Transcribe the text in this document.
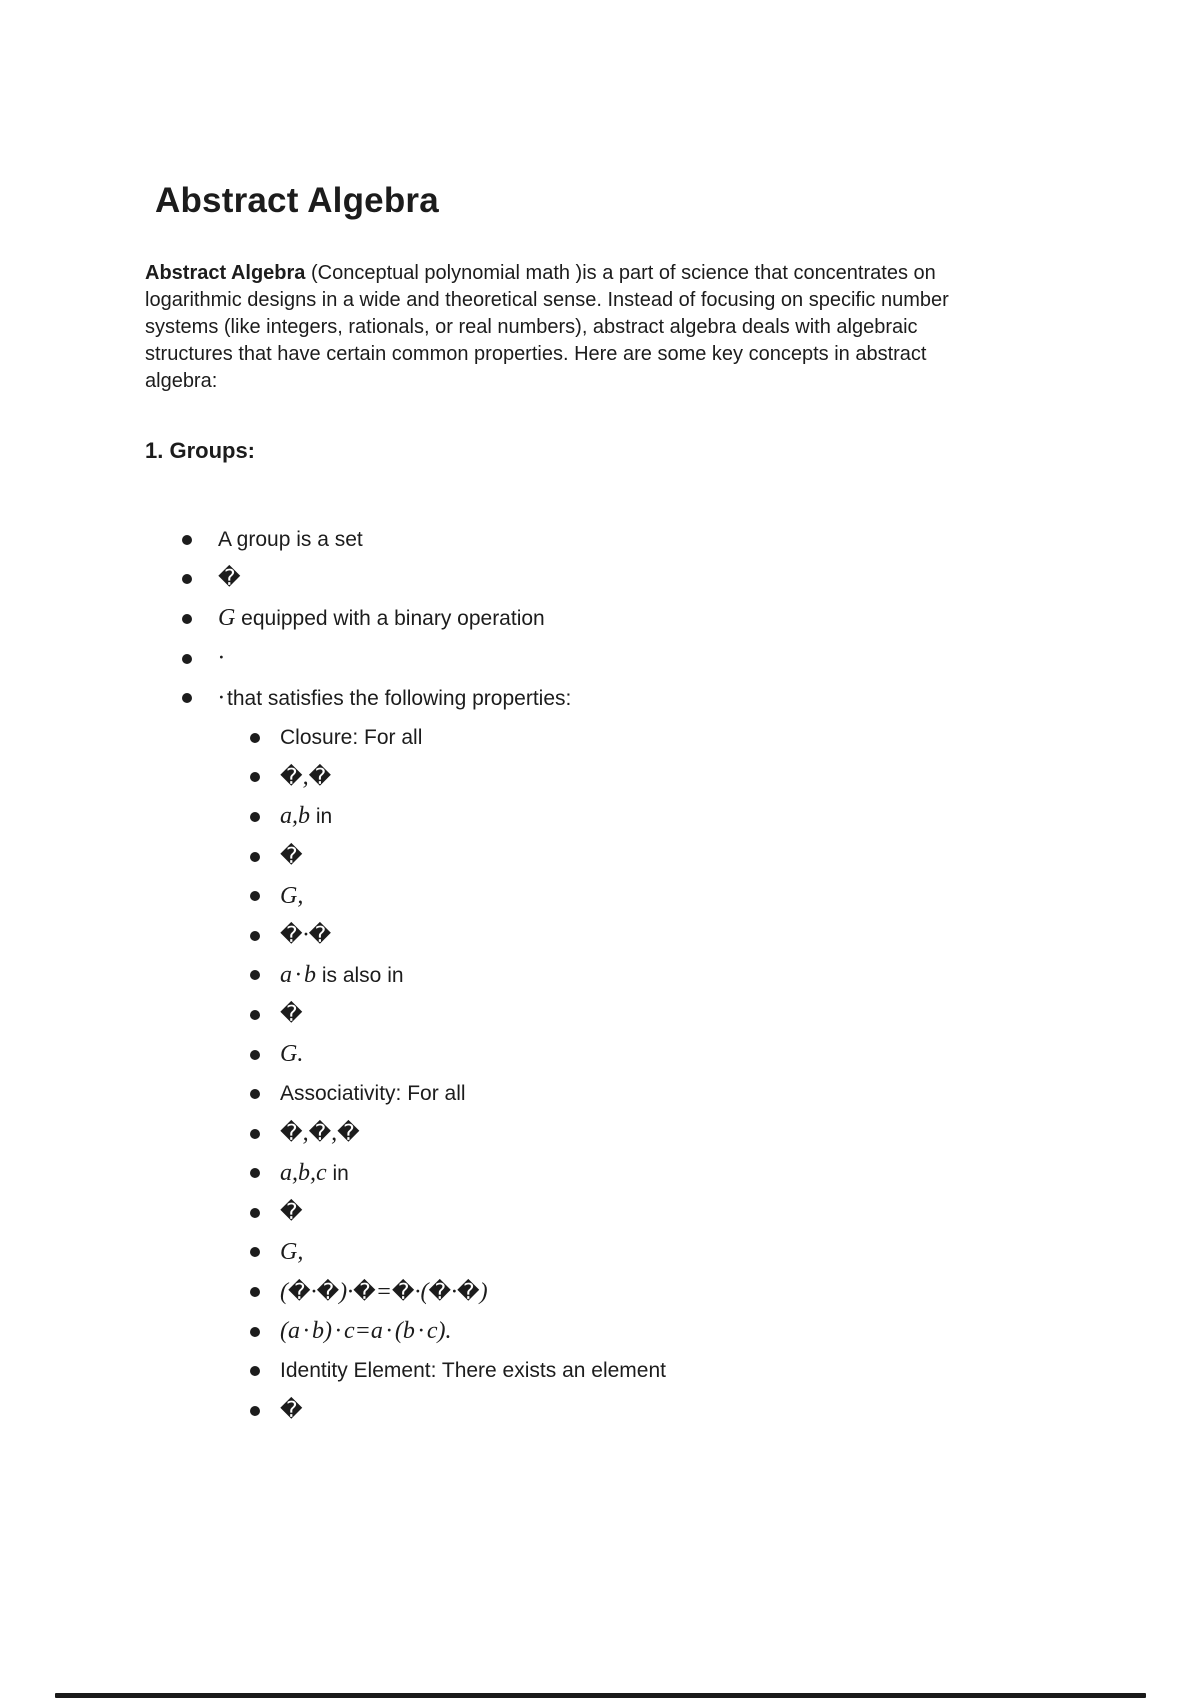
Abstract Algebra
Abstract Algebra (Conceptual polynomial math )is a part of science that concentrates on
logarithmic designs in a wide and theoretical sense. Instead of focusing on specific number
systems (like integers, rationals, or real numbers), abstract algebra deals with algebraic
structures that have certain common properties. Here are some key concepts in abstract
algebra:
1. Groups:
A group is a set
�
G equipped with a binary operation
·
· that satisfies the following properties:
Closure: For all
�,�
a,b in
�
G,
�·�
a · b is also in
�
G.
Associativity: For all
�,�,�
a,b,c in
�
G,
(�·�)·�=�·(�·�)
(a · b) · c=a · (b · c).
Identity Element: There exists an element
�
